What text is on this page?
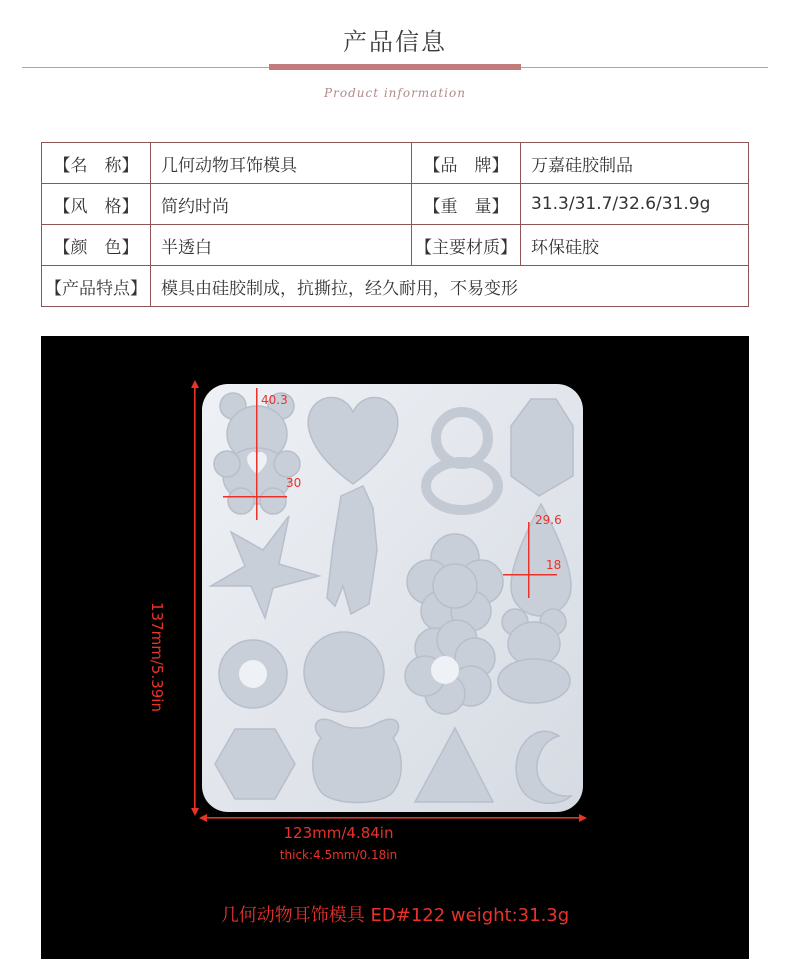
产品信息
Product information
【名　称】	几何动物耳饰模具	【品　牌】	万嘉硅胶制品
【风　格】	简约时尚	【重　量】	31.3/31.7/32.6/31.9g
【颜　色】	半透白	【主要材质】	环保硅胶
【产品特点】	模具由硅胶制成，抗撕拉，经久耐用，不易变形		
137mm/5.39in
40.3
30
29.6
18
123mm/4.84in
thick:4.5mm/0.18in
几何动物耳饰模具 ED#122 weight:31.3g
